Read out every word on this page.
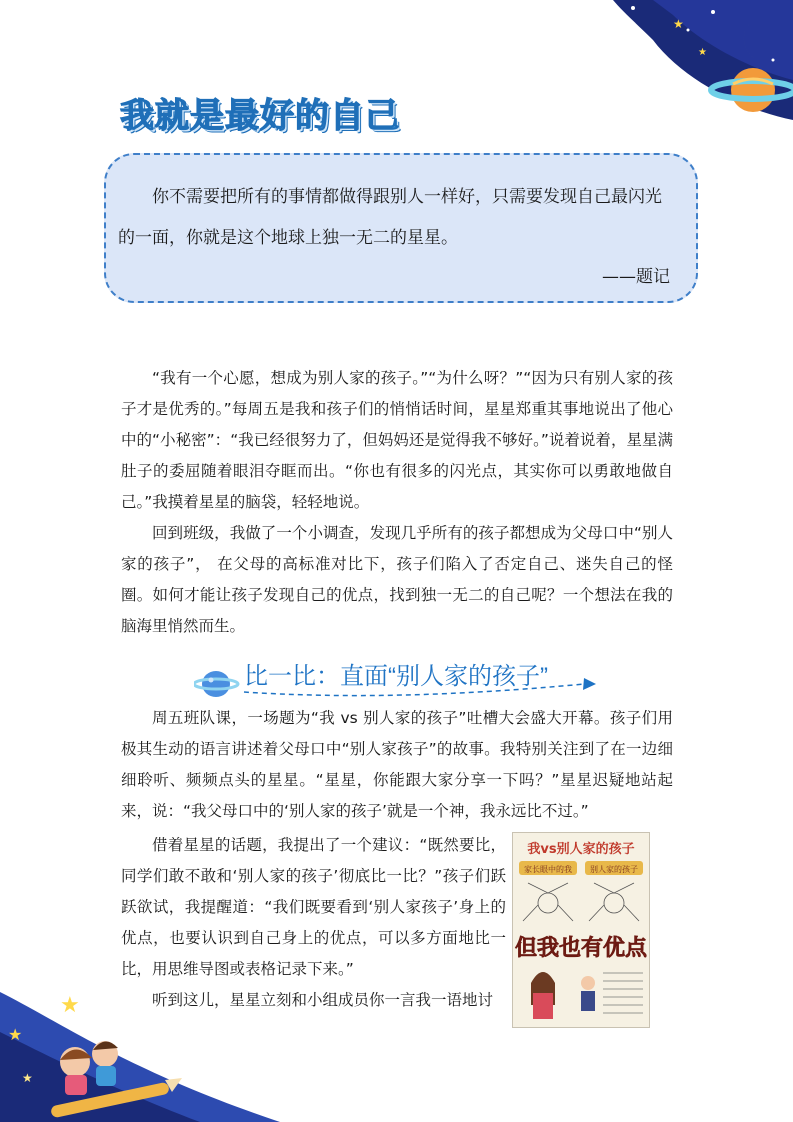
★
★
我就是最好的自己

你不需要把所有的事情都做得跟别人一样好，只需要发现自己最闪光的一面，你就是这个地球上独一无二的星星。

——题记

“我有一个心愿，想成为别人家的孩子。”“为什么呀？”“因为只有别人家的孩子才是优秀的。”每周五是我和孩子们的悄悄话时间，星星郑重其事地说出了他心中的“小秘密”：“我已经很努力了，但妈妈还是觉得我不够好。”说着说着，星星满肚子的委屈随着眼泪夺眶而出。“你也有很多的闪光点，其实你可以勇敢地做自己。”我摸着星星的脑袋，轻轻地说。

回到班级，我做了一个小调查，发现几乎所有的孩子都想成为父母口中“别人家的孩子”， 在父母的高标准对比下，孩子们陷入了否定自己、迷失自己的怪圈。如何才能让孩子发现自己的优点，找到独一无二的自己呢？一个想法在我的脑海里悄然而生。

比一比：直面“别人家的孩子”

周五班队课，一场题为“我 vs 别人家的孩子”吐槽大会盛大开幕。孩子们用极其生动的语言讲述着父母口中“别人家孩子”的故事。我特别关注到了在一边细细聆听、频频点头的星星。“星星，你能跟大家分享一下吗？”星星迟疑地站起来，说：“我父母口中的‘别人家的孩子’就是一个神，我永远比不过。”

借着星星的话题，我提出了一个建议：“既然要比，同学们敢不敢和‘别人家的孩子’彻底比一比？”孩子们跃跃欲试，我提醒道：“我们既要看到‘别人家孩子’身上的优点，也要认识到自己身上的优点，可以多方面地比一比，用思维导图或表格记录下来。”

听到这儿，星星立刻和小组成员你一言我一语地讨

我vs别人家的孩子
家长眼中的我 别人家的孩子
但我也有优点
★
★
★
